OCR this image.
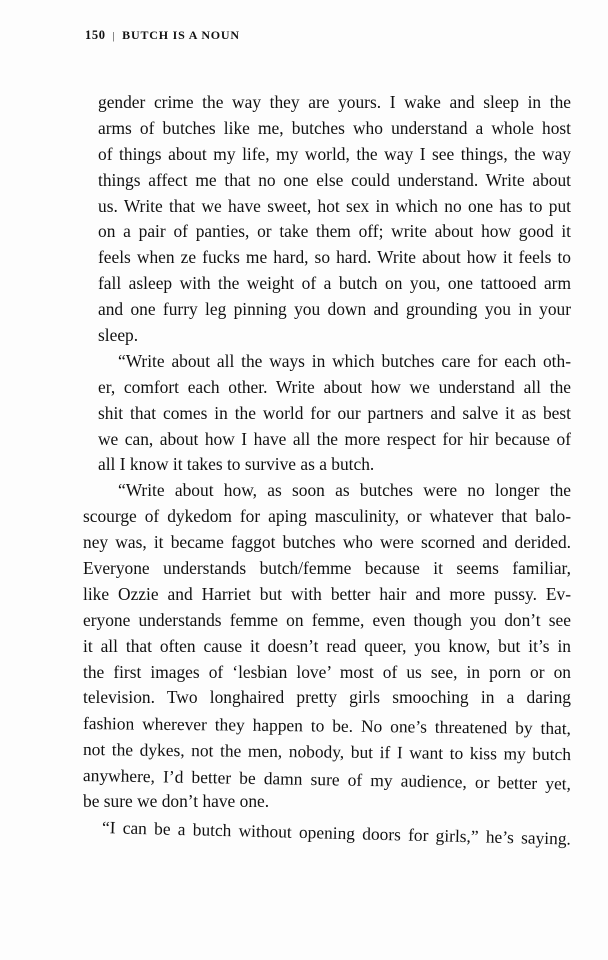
150 | BUTCH IS A NOUN
gender crime the way they are yours. I wake and sleep in the
arms of butches like me, butches who understand a whole host
of things about my life, my world, the way I see things, the way
things affect me that no one else could understand. Write about
us. Write that we have sweet, hot sex in which no one has to put
on a pair of panties, or take them off; write about how good it
feels when ze fucks me hard, so hard. Write about how it feels to
fall asleep with the weight of a butch on you, one tattooed arm
and one furry leg pinning you down and grounding you in your
sleep.
“Write about all the ways in which butches care for each oth-
er, comfort each other. Write about how we understand all the
shit that comes in the world for our partners and salve it as best
we can, about how I have all the more respect for hir because of
all I know it takes to survive as a butch.
“Write about how, as soon as butches were no longer the
scourge of dykedom for aping masculinity, or whatever that balo-
ney was, it became faggot butches who were scorned and derided.
Everyone understands butch/femme because it seems familiar,
like Ozzie and Harriet but with better hair and more pussy. Ev-
eryone understands femme on femme, even though you don’t see
it all that often cause it doesn’t read queer, you know, but it’s in
the first images of ‘lesbian love’ most of us see, in porn or on
television. Two longhaired pretty girls smooching in a daring
fashion wherever they happen to be. No one’s threatened by that,
not the dykes, not the men, nobody, but if I want to kiss my butch
anywhere, I’d better be damn sure of my audience, or better yet,
be sure we don’t have one.
“I can be a butch without opening doors for girls,” he’s saying.
